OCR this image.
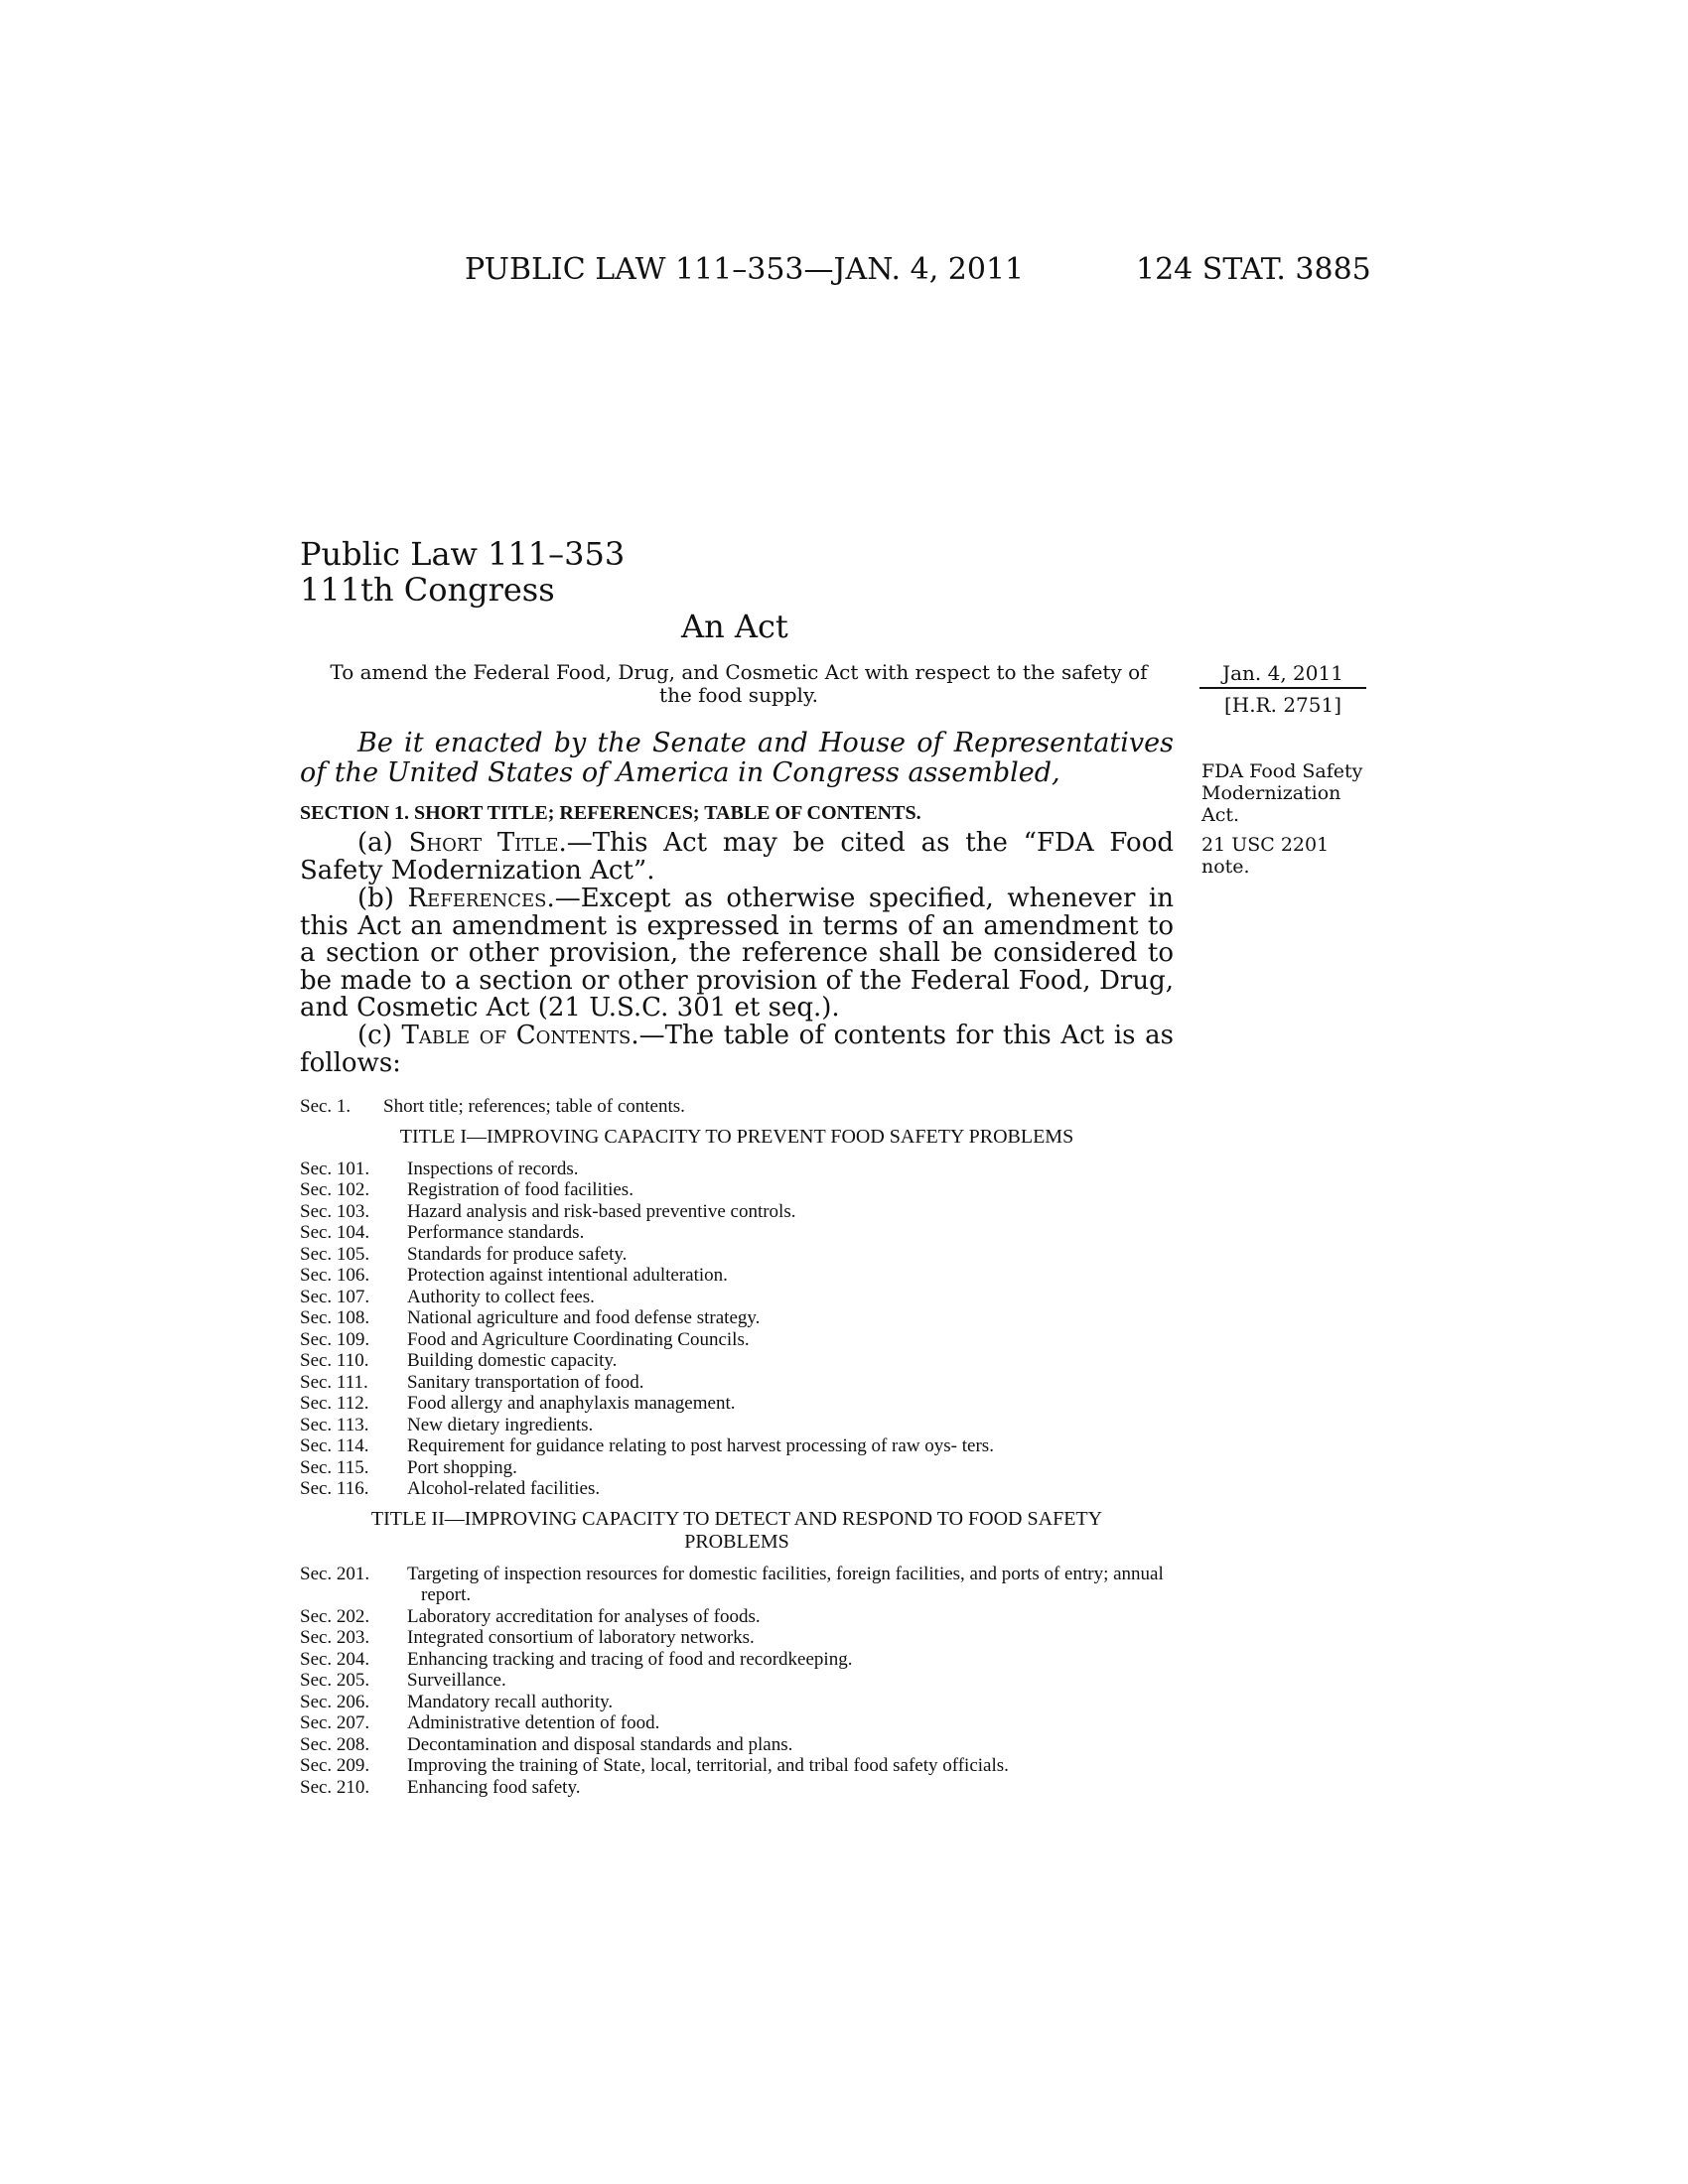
PUBLIC LAW 111–353—JAN. 4, 2011	124 STAT. 3885
Public Law 111–353
111th Congress
An Act
To amend the Federal Food, Drug, and Cosmetic Act with respect to the safety of the food supply.
Jan. 4, 2011
[H.R. 2751]
FDA Food Safety Modernization Act.
21 USC 2201 note.
Be it enacted by the Senate and House of Representatives of the United States of America in Congress assembled,
SECTION 1. SHORT TITLE; REFERENCES; TABLE OF CONTENTS.
(a) Short Title.—This Act may be cited as the “FDA Food Safety Modernization Act”.
(b) References.—Except as otherwise specified, whenever in this Act an amendment is expressed in terms of an amendment to a section or other provision, the reference shall be considered to be made to a section or other provision of the Federal Food, Drug, and Cosmetic Act (21 U.S.C. 301 et seq.).
(c) Table of Contents.—The table of contents for this Act is as follows:
Sec. 1.	Short title; references; table of contents.
TITLE I—IMPROVING CAPACITY TO PREVENT FOOD SAFETY PROBLEMS
Sec. 101.	Inspections of records.
Sec. 102.	Registration of food facilities.
Sec. 103.	Hazard analysis and risk-based preventive controls.
Sec. 104.	Performance standards.
Sec. 105.	Standards for produce safety.
Sec. 106.	Protection against intentional adulteration.
Sec. 107.	Authority to collect fees.
Sec. 108.	National agriculture and food defense strategy.
Sec. 109.	Food and Agriculture Coordinating Councils.
Sec. 110.	Building domestic capacity.
Sec. 111.	Sanitary transportation of food.
Sec. 112.	Food allergy and anaphylaxis management.
Sec. 113.	New dietary ingredients.
Sec. 114.	Requirement for guidance relating to post harvest processing of raw oys- ters.
Sec. 115.	Port shopping.
Sec. 116.	Alcohol-related facilities.
TITLE II—IMPROVING CAPACITY TO DETECT AND RESPOND TO FOOD SAFETY PROBLEMS
Sec. 201.	Targeting of inspection resources for domestic facilities, foreign facilities, and ports of entry; annual report.
Sec. 202.	Laboratory accreditation for analyses of foods.
Sec. 203.	Integrated consortium of laboratory networks.
Sec. 204.	Enhancing tracking and tracing of food and recordkeeping.
Sec. 205.	Surveillance.
Sec. 206.	Mandatory recall authority.
Sec. 207.	Administrative detention of food.
Sec. 208.	Decontamination and disposal standards and plans.
Sec. 209.	Improving the training of State, local, territorial, and tribal food safety officials.
Sec. 210.	Enhancing food safety.
